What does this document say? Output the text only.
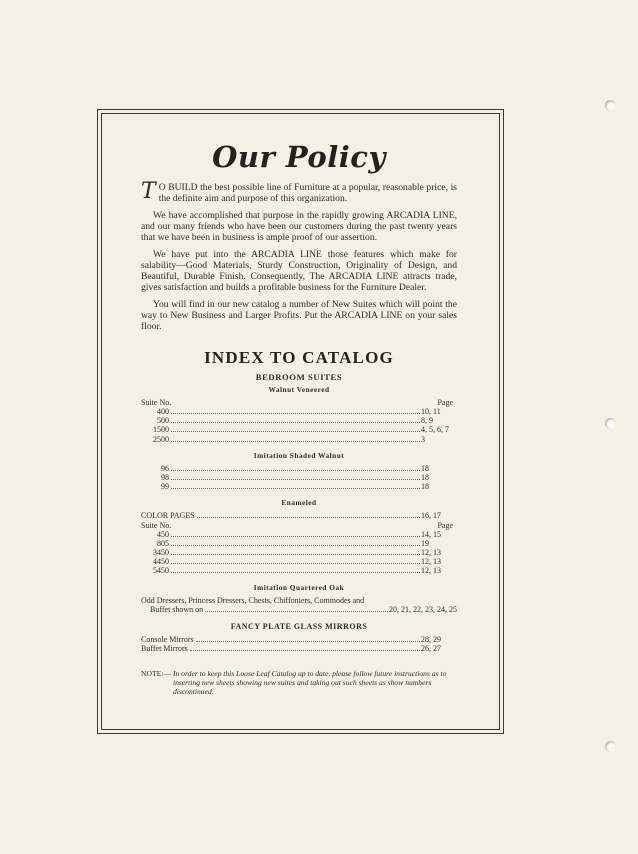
Our Policy

T O BUILD the best possible line of Furniture at a popular, reasonable price, is the definite aim and purpose of this organization.

We have accomplished that purpose in the rapidly growing ARCADIA LINE, and our many friends who have been our customers during the past twenty years that we have been in business is ample proof of our assertion.

We have put into the ARCADIA LINE those features which make for salability—Good Materials, Sturdy Construction, Originality of Design, and Beautiful, Durable Finish. Consequently, The ARCADIA LINE attracts trade, gives satisfaction and builds a profitable business for the Furniture Dealer.

You will find in our new catalog a number of New Suites which will point the way to New Business and Larger Profits. Put the ARCADIA LINE on your sales floor.

INDEX TO CATALOG
BEDROOM SUITES
Walnut Veneered
Suite No.	Page
400	10, 11
500	8, 9
1500	4, 5, 6, 7
2500	3
Imitation Shaded Walnut
96	18
98	18
99	18
Enameled
COLOR PAGES	16, 17
Suite No.	Page
450	14, 15
805	19
3450	12, 13
4450	12, 13
5450	12, 13
Imitation Quartered Oak
Odd Dressers, Princess Dressers, Chests, Chiffoniers, Commodes and
Buffet shown on	20, 21, 22, 23, 24, 25
FANCY PLATE GLASS MIRRORS
Console Mirrors	28, 29
Buffet Mirrors	26, 27
NOTE:— In order to keep this Loose Leaf Catalog up to date, please follow future instructions as to inserting new sheets showing new suites and taking out such sheets as show numbers discontinued.
